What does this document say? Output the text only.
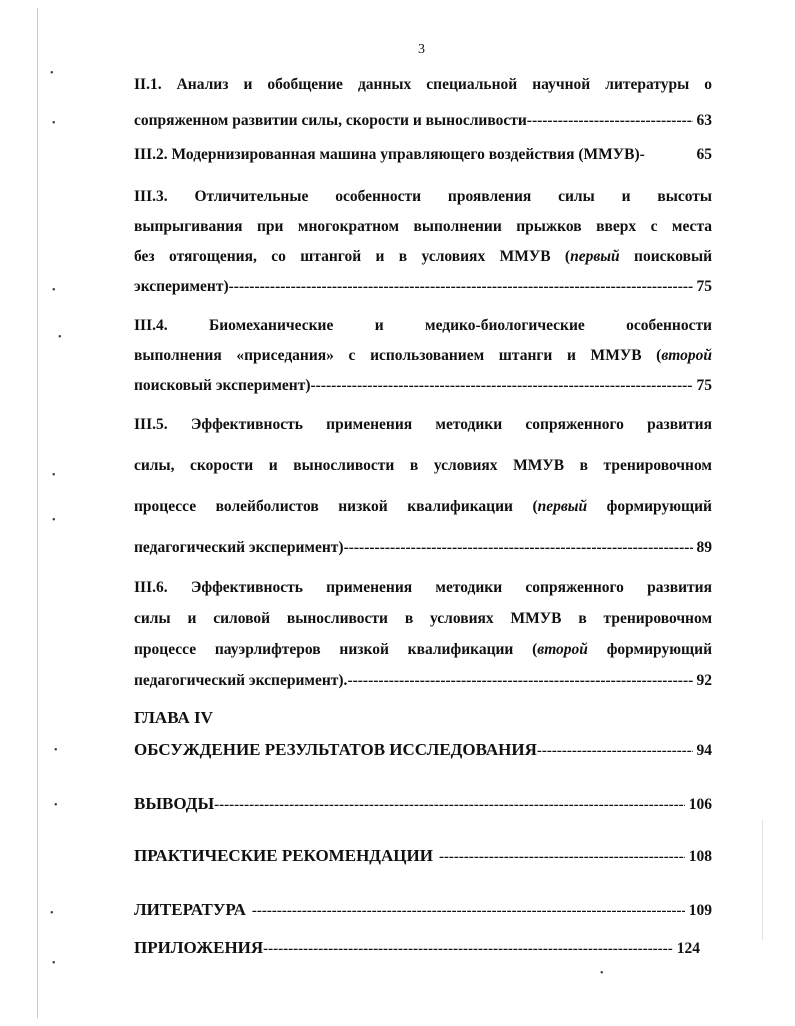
•
•
•
•
•
•
•
•
•
•
•
3
II.1. Анализ и обобщение данных специальной научной литературы о
сопряженном развитии силы, скорости и выносливости -----	63
III.2. Модернизированная машина управляющего воздействия (ММУВ)-	65
III.3. Отличительные особенности проявления силы и высоты
выпрыгивания при многократном выполнении прыжков вверх с места
без отягощения, со штангой и в условиях ММУВ (первый поисковый
эксперимент) -----	75
III.4. Биомеханические и медико-биологические особенности
выполнения «приседания» с использованием штанги и ММУВ (второй
поисковый эксперимент) -----	75
III.5. Эффективность применения методики сопряженного развития
силы, скорости и выносливости в условиях ММУВ в тренировочном
процессе волейболистов низкой квалификации (первый формирующий
педагогический эксперимент) -----	89
III.6. Эффективность применения методики сопряженного развития
силы и силовой выносливости в условиях ММУВ в тренировочном
процессе пауэрлифтеров низкой квалификации (второй формирующий
педагогический эксперимент). -----	92
ГЛАВА IV
ОБСУЖДЕНИЕ РЕЗУЛЬТАТОВ ИССЛЕДОВАНИЯ -----	94
ВЫВОДЫ -----	106
ПРАКТИЧЕСКИЕ РЕКОМЕНДАЦИИ -----	108
ЛИТЕРАТУРА -----	109
ПРИЛОЖЕНИЯ -----	124
